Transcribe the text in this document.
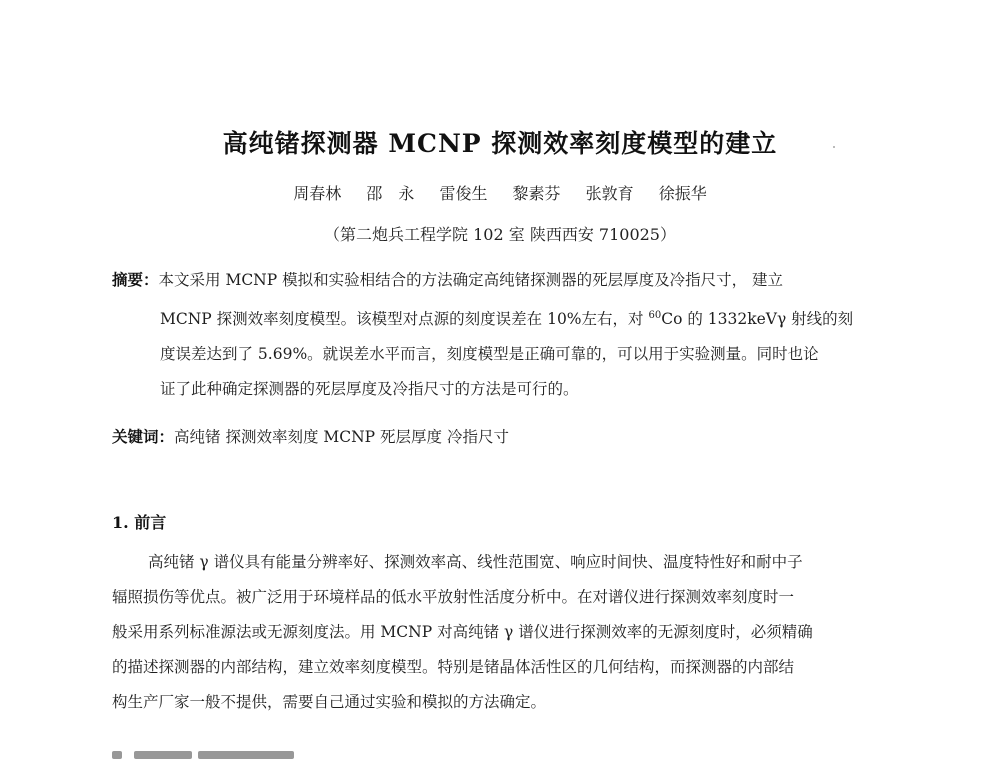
高纯锗探测器 MCNP 探测效率刻度模型的建立
周春林 邵　永 雷俊生 黎素芬 张敦育 徐振华
（第二炮兵工程学院 102 室 陕西西安 710025）
摘要：本文采用 MCNP 模拟和实验相结合的方法确定高纯锗探测器的死层厚度及冷指尺寸， 建立
MCNP 探测效率刻度模型。该模型对点源的刻度误差在 10%左右，对 $^{60}$Co 的 1332keVγ 射线的刻
度误差达到了 5.69%。就误差水平而言，刻度模型是正确可靠的，可以用于实验测量。同时也论
证了此种确定探测器的死层厚度及冷指尺寸的方法是可行的。
关键词：高纯锗 探测效率刻度 MCNP 死层厚度 冷指尺寸
1. 前言
高纯锗 γ 谱仪具有能量分辨率好、探测效率高、线性范围宽、响应时间快、温度特性好和耐中子
辐照损伤等优点。被广泛用于环境样品的低水平放射性活度分析中。在对谱仪进行探测效率刻度时一
般采用系列标准源法或无源刻度法。用 MCNP 对高纯锗 γ 谱仪进行探测效率的无源刻度时，必须精确
的描述探测器的内部结构，建立效率刻度模型。特别是锗晶体活性区的几何结构，而探测器的内部结
构生产厂家一般不提供，需要自己通过实验和模拟的方法确定。
